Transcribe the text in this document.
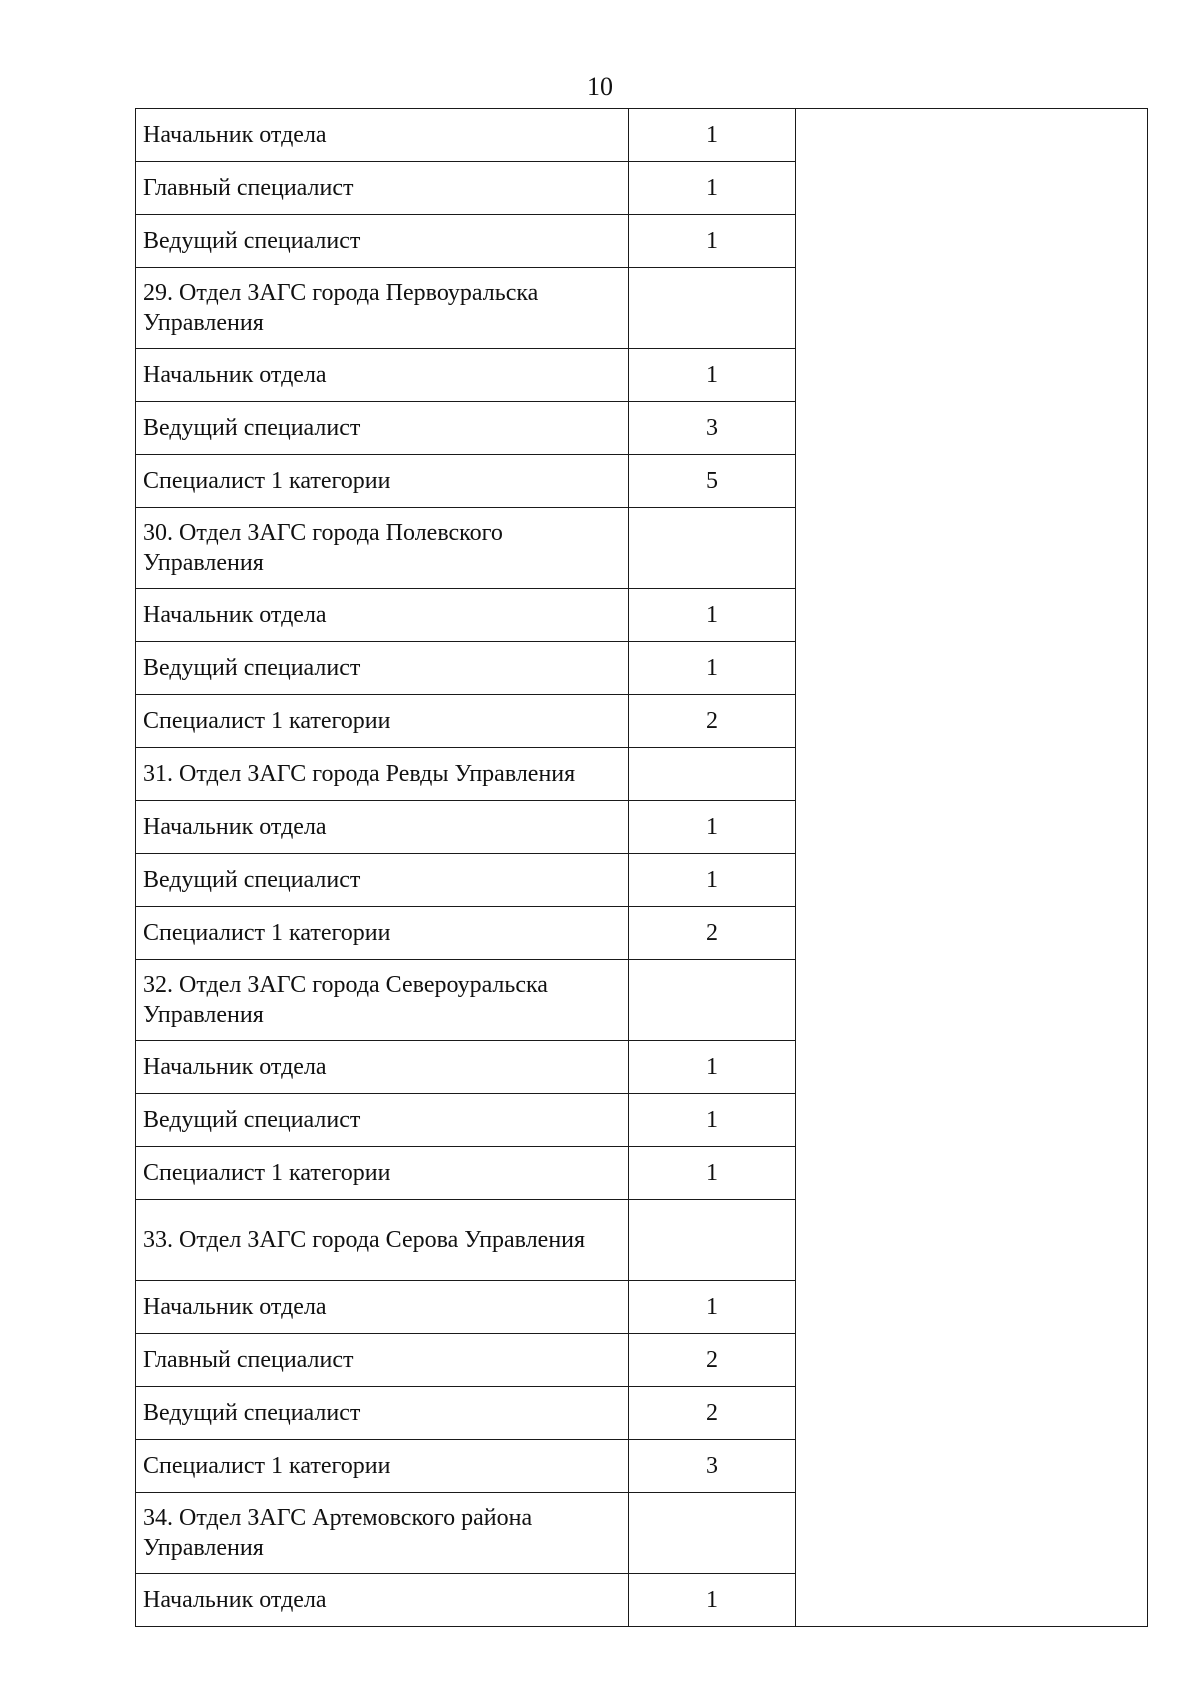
10
Начальник отдела	1	
Главный специалист	1	
Ведущий специалист	1	
29. Отдел ЗАГС города Первоуральска Управления		
Начальник отдела	1	
Ведущий специалист	3	
Специалист 1 категории	5	
30. Отдел ЗАГС города Полевского Управления		
Начальник отдела	1	
Ведущий специалист	1	
Специалист 1 категории	2	
31. Отдел ЗАГС города Ревды Управления		
Начальник отдела	1	
Ведущий специалист	1	
Специалист 1 категории	2	
32. Отдел ЗАГС города Североуральска Управления		
Начальник отдела	1	
Ведущий специалист	1	
Специалист 1 категории	1	
33. Отдел ЗАГС города Серова Управления		
Начальник отдела	1	
Главный специалист	2	
Ведущий специалист	2	
Специалист 1 категории	3	
34. Отдел ЗАГС Артемовского района Управления		
Начальник отдела	1	
